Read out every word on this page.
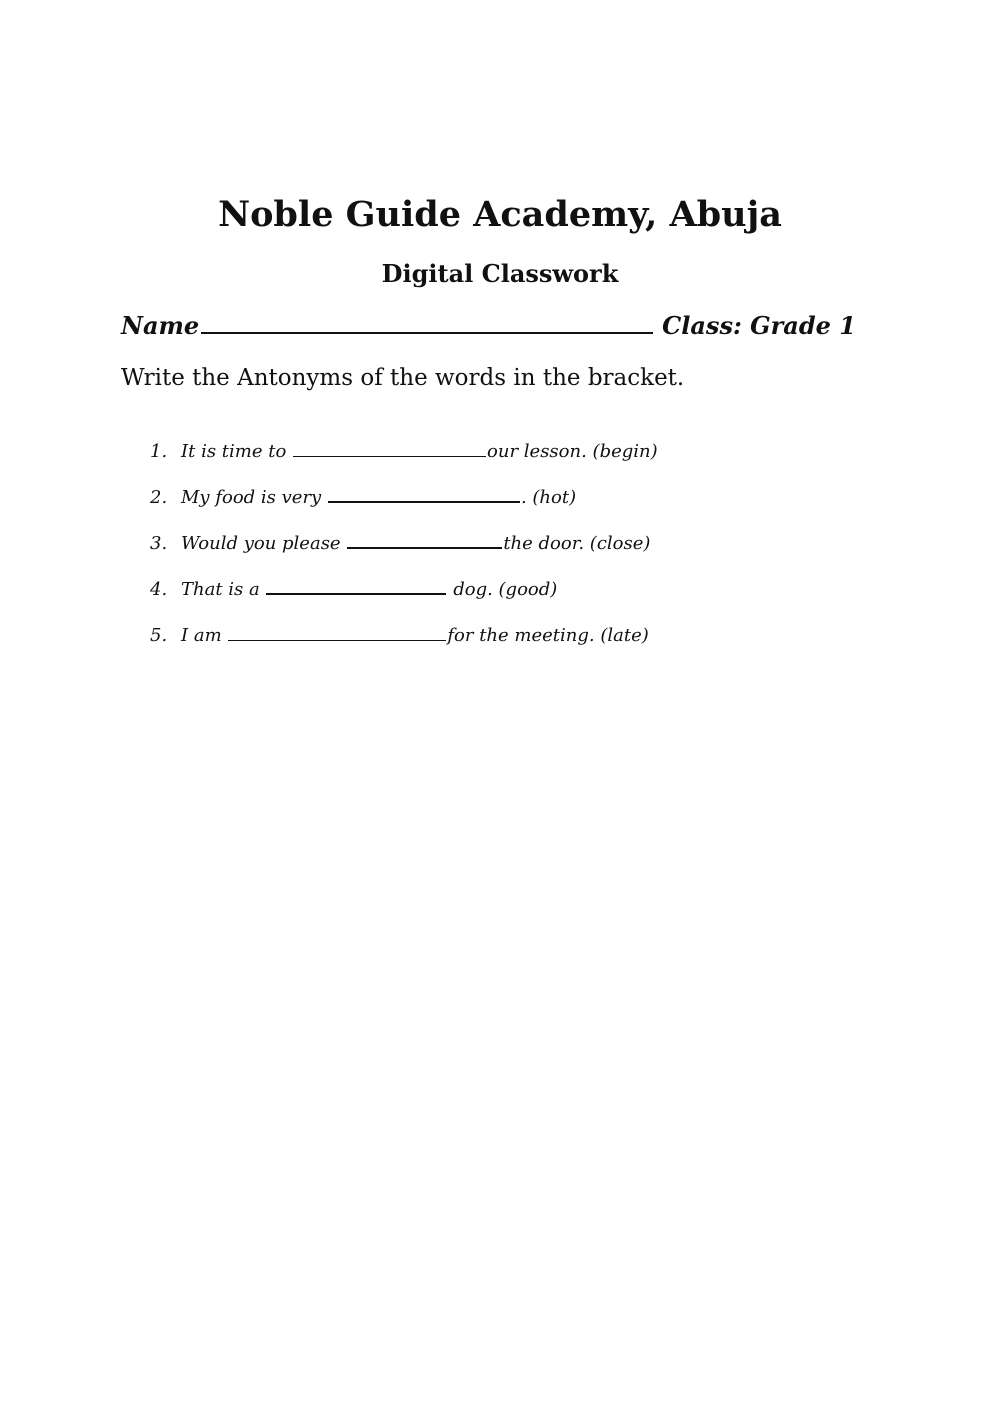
Noble Guide Academy, Abuja
Digital Classwork
Name	Class: Grade 1

Write the Antonyms of the words in the bracket.

1. It is time to	our lesson. (begin)
2. My food is very	. (hot)
3. Would you please	the door. (close)
4. That is a	dog. (good)
5. I am	for the meeting. (late)
